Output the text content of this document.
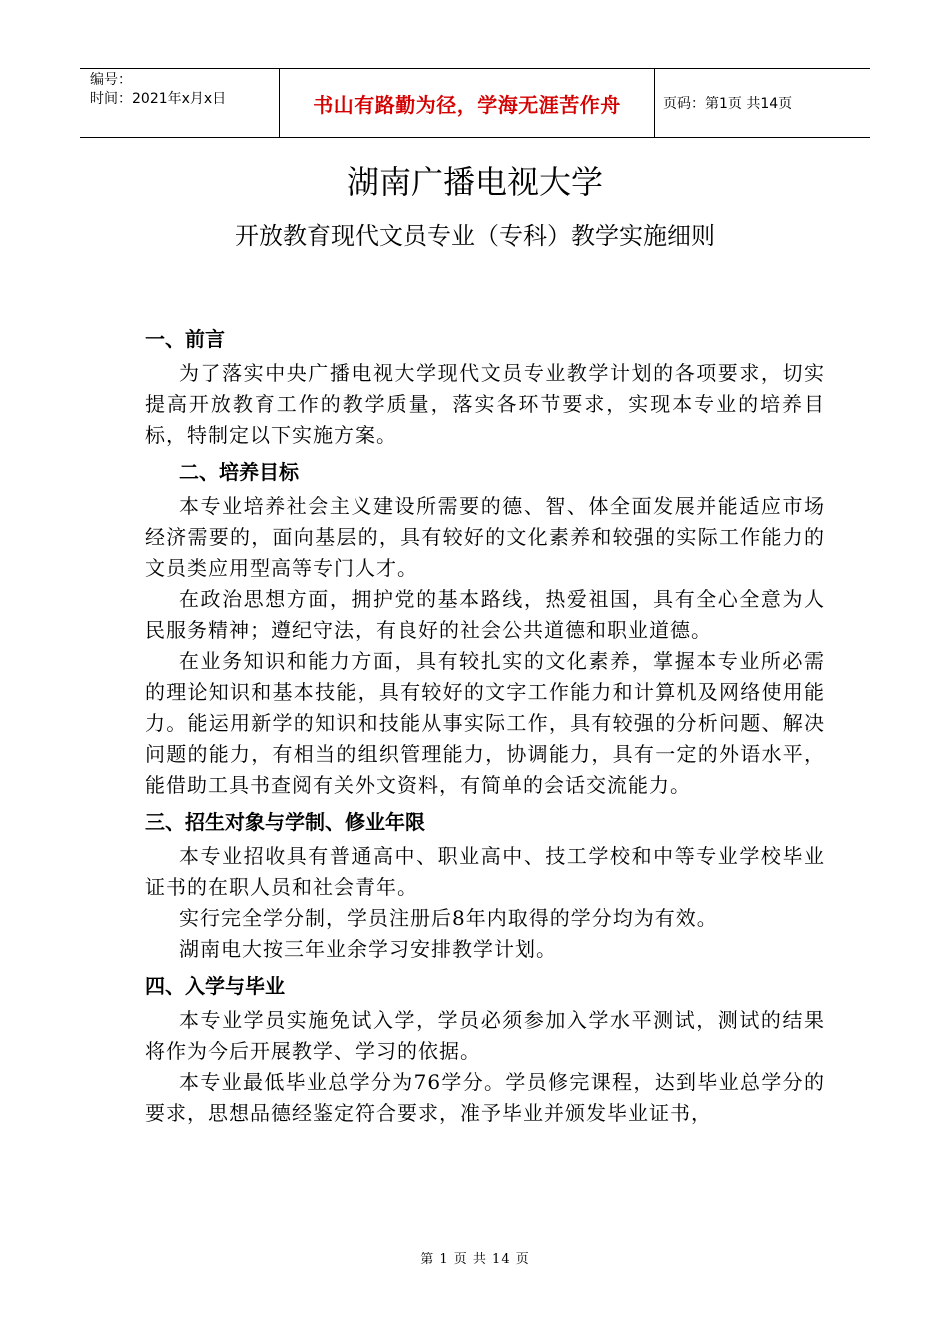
编号：
时间：2021年x月x日	书山有路勤为径，学海无涯苦作舟	页码：第1页 共14页
湖南广播电视大学
开放教育现代文员专业（专科）教学实施细则
一、前言

为了落实中央广播电视大学现代文员专业教学计划的各项要求，切实提高开放教育工作的教学质量，落实各环节要求，实现本专业的培养目标，特制定以下实施方案。

二、培养目标

本专业培养社会主义建设所需要的德、智、体全面发展并能适应市场经济需要的，面向基层的，具有较好的文化素养和较强的实际工作能力的文员类应用型高等专门人才。

在政治思想方面，拥护党的基本路线，热爱祖国，具有全心全意为人民服务精神；遵纪守法，有良好的社会公共道德和职业道德。

在业务知识和能力方面，具有较扎实的文化素养，掌握本专业所必需的理论知识和基本技能，具有较好的文字工作能力和计算机及网络使用能力。能运用新学的知识和技能从事实际工作，具有较强的分析问题、解决问题的能力，有相当的组织管理能力，协调能力，具有一定的外语水平，能借助工具书查阅有关外文资料，有简单的会话交流能力。

三、招生对象与学制、修业年限

本专业招收具有普通高中、职业高中、技工学校和中等专业学校毕业证书的在职人员和社会青年。

实行完全学分制，学员注册后8年内取得的学分均为有效。

湖南电大按三年业余学习安排教学计划。

四、入学与毕业

本专业学员实施免试入学，学员必须参加入学水平测试，测试的结果将作为今后开展教学、学习的依据。

本专业最低毕业总学分为76学分。学员修完课程，达到毕业总学分的要求，思想品德经鉴定符合要求，准予毕业并颁发毕业证书，

第 1 页 共 14 页
